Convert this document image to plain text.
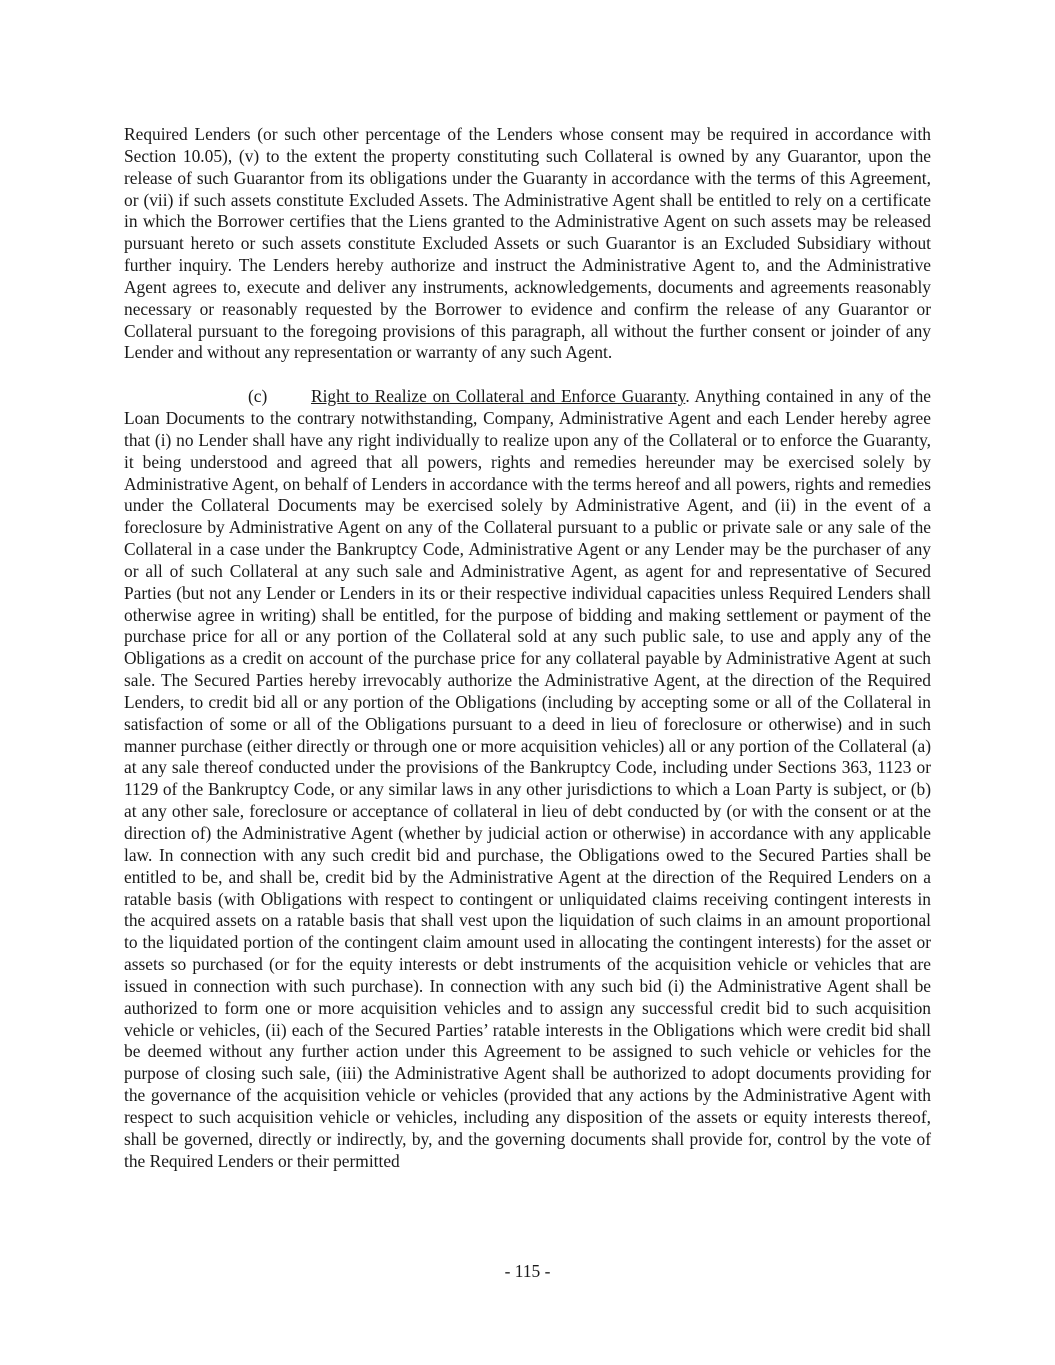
Required Lenders (or such other percentage of the Lenders whose consent may be required in accordance with Section 10.05), (v) to the extent the property constituting such Collateral is owned by any Guarantor, upon the release of such Guarantor from its obligations under the Guaranty in accordance with the terms of this Agreement, or (vii) if such assets constitute Excluded Assets. The Administrative Agent shall be entitled to rely on a certificate in which the Borrower certifies that the Liens granted to the Administrative Agent on such assets may be released pursuant hereto or such assets constitute Excluded Assets or such Guarantor is an Excluded Subsidiary without further inquiry. The Lenders hereby authorize and instruct the Administrative Agent to, and the Administrative Agent agrees to, execute and deliver any instruments, acknowledgements, documents and agreements reasonably necessary or reasonably requested by the Borrower to evidence and confirm the release of any Guarantor or Collateral pursuant to the foregoing provisions of this paragraph, all without the further consent or joinder of any Lender and without any representation or warranty of any such Agent.

(c)	Right to Realize on Collateral and Enforce Guaranty. Anything contained in any of the Loan Documents to the contrary notwithstanding, Company, Administrative Agent and each Lender hereby agree that (i) no Lender shall have any right individually to realize upon any of the Collateral or to enforce the Guaranty, it being understood and agreed that all powers, rights and remedies hereunder may be exercised solely by Administrative Agent, on behalf of Lenders in accordance with the terms hereof and all powers, rights and remedies under the Collateral Documents may be exercised solely by Administrative Agent, and (ii) in the event of a foreclosure by Administrative Agent on any of the Collateral pursuant to a public or private sale or any sale of the Collateral in a case under the Bankruptcy Code, Administrative Agent or any Lender may be the purchaser of any or all of such Collateral at any such sale and Administrative Agent, as agent for and representative of Secured Parties (but not any Lender or Lenders in its or their respective individual capacities unless Required Lenders shall otherwise agree in writing) shall be entitled, for the purpose of bidding and making settlement or payment of the purchase price for all or any portion of the Collateral sold at any such public sale, to use and apply any of the Obligations as a credit on account of the purchase price for any collateral payable by Administrative Agent at such sale. The Secured Parties hereby irrevocably authorize the Administrative Agent, at the direction of the Required Lenders, to credit bid all or any portion of the Obligations (including by accepting some or all of the Collateral in satisfaction of some or all of the Obligations pursuant to a deed in lieu of foreclosure or otherwise) and in such manner purchase (either directly or through one or more acquisition vehicles) all or any portion of the Collateral (a) at any sale thereof conducted under the provisions of the Bankruptcy Code, including under Sections 363, 1123 or 1129 of the Bankruptcy Code, or any similar laws in any other jurisdictions to which a Loan Party is subject, or (b) at any other sale, foreclosure or acceptance of collateral in lieu of debt conducted by (or with the consent or at the direction of) the Administrative Agent (whether by judicial action or otherwise) in accordance with any applicable law. In connection with any such credit bid and purchase, the Obligations owed to the Secured Parties shall be entitled to be, and shall be, credit bid by the Administrative Agent at the direction of the Required Lenders on a ratable basis (with Obligations with respect to contingent or unliquidated claims receiving contingent interests in the acquired assets on a ratable basis that shall vest upon the liquidation of such claims in an amount proportional to the liquidated portion of the contingent claim amount used in allocating the contingent interests) for the asset or assets so purchased (or for the equity interests or debt instruments of the acquisition vehicle or vehicles that are issued in connection with such purchase). In connection with any such bid (i) the Administrative Agent shall be authorized to form one or more acquisition vehicles and to assign any successful credit bid to such acquisition vehicle or vehicles, (ii) each of the Secured Parties’ ratable interests in the Obligations which were credit bid shall be deemed without any further action under this Agreement to be assigned to such vehicle or vehicles for the purpose of closing such sale, (iii) the Administrative Agent shall be authorized to adopt documents providing for the governance of the acquisition vehicle or vehicles (provided that any actions by the Administrative Agent with respect to such acquisition vehicle or vehicles, including any disposition of the assets or equity interests thereof, shall be governed, directly or indirectly, by, and the governing documents shall provide for, control by the vote of the Required Lenders or their permitted

- 115 -
